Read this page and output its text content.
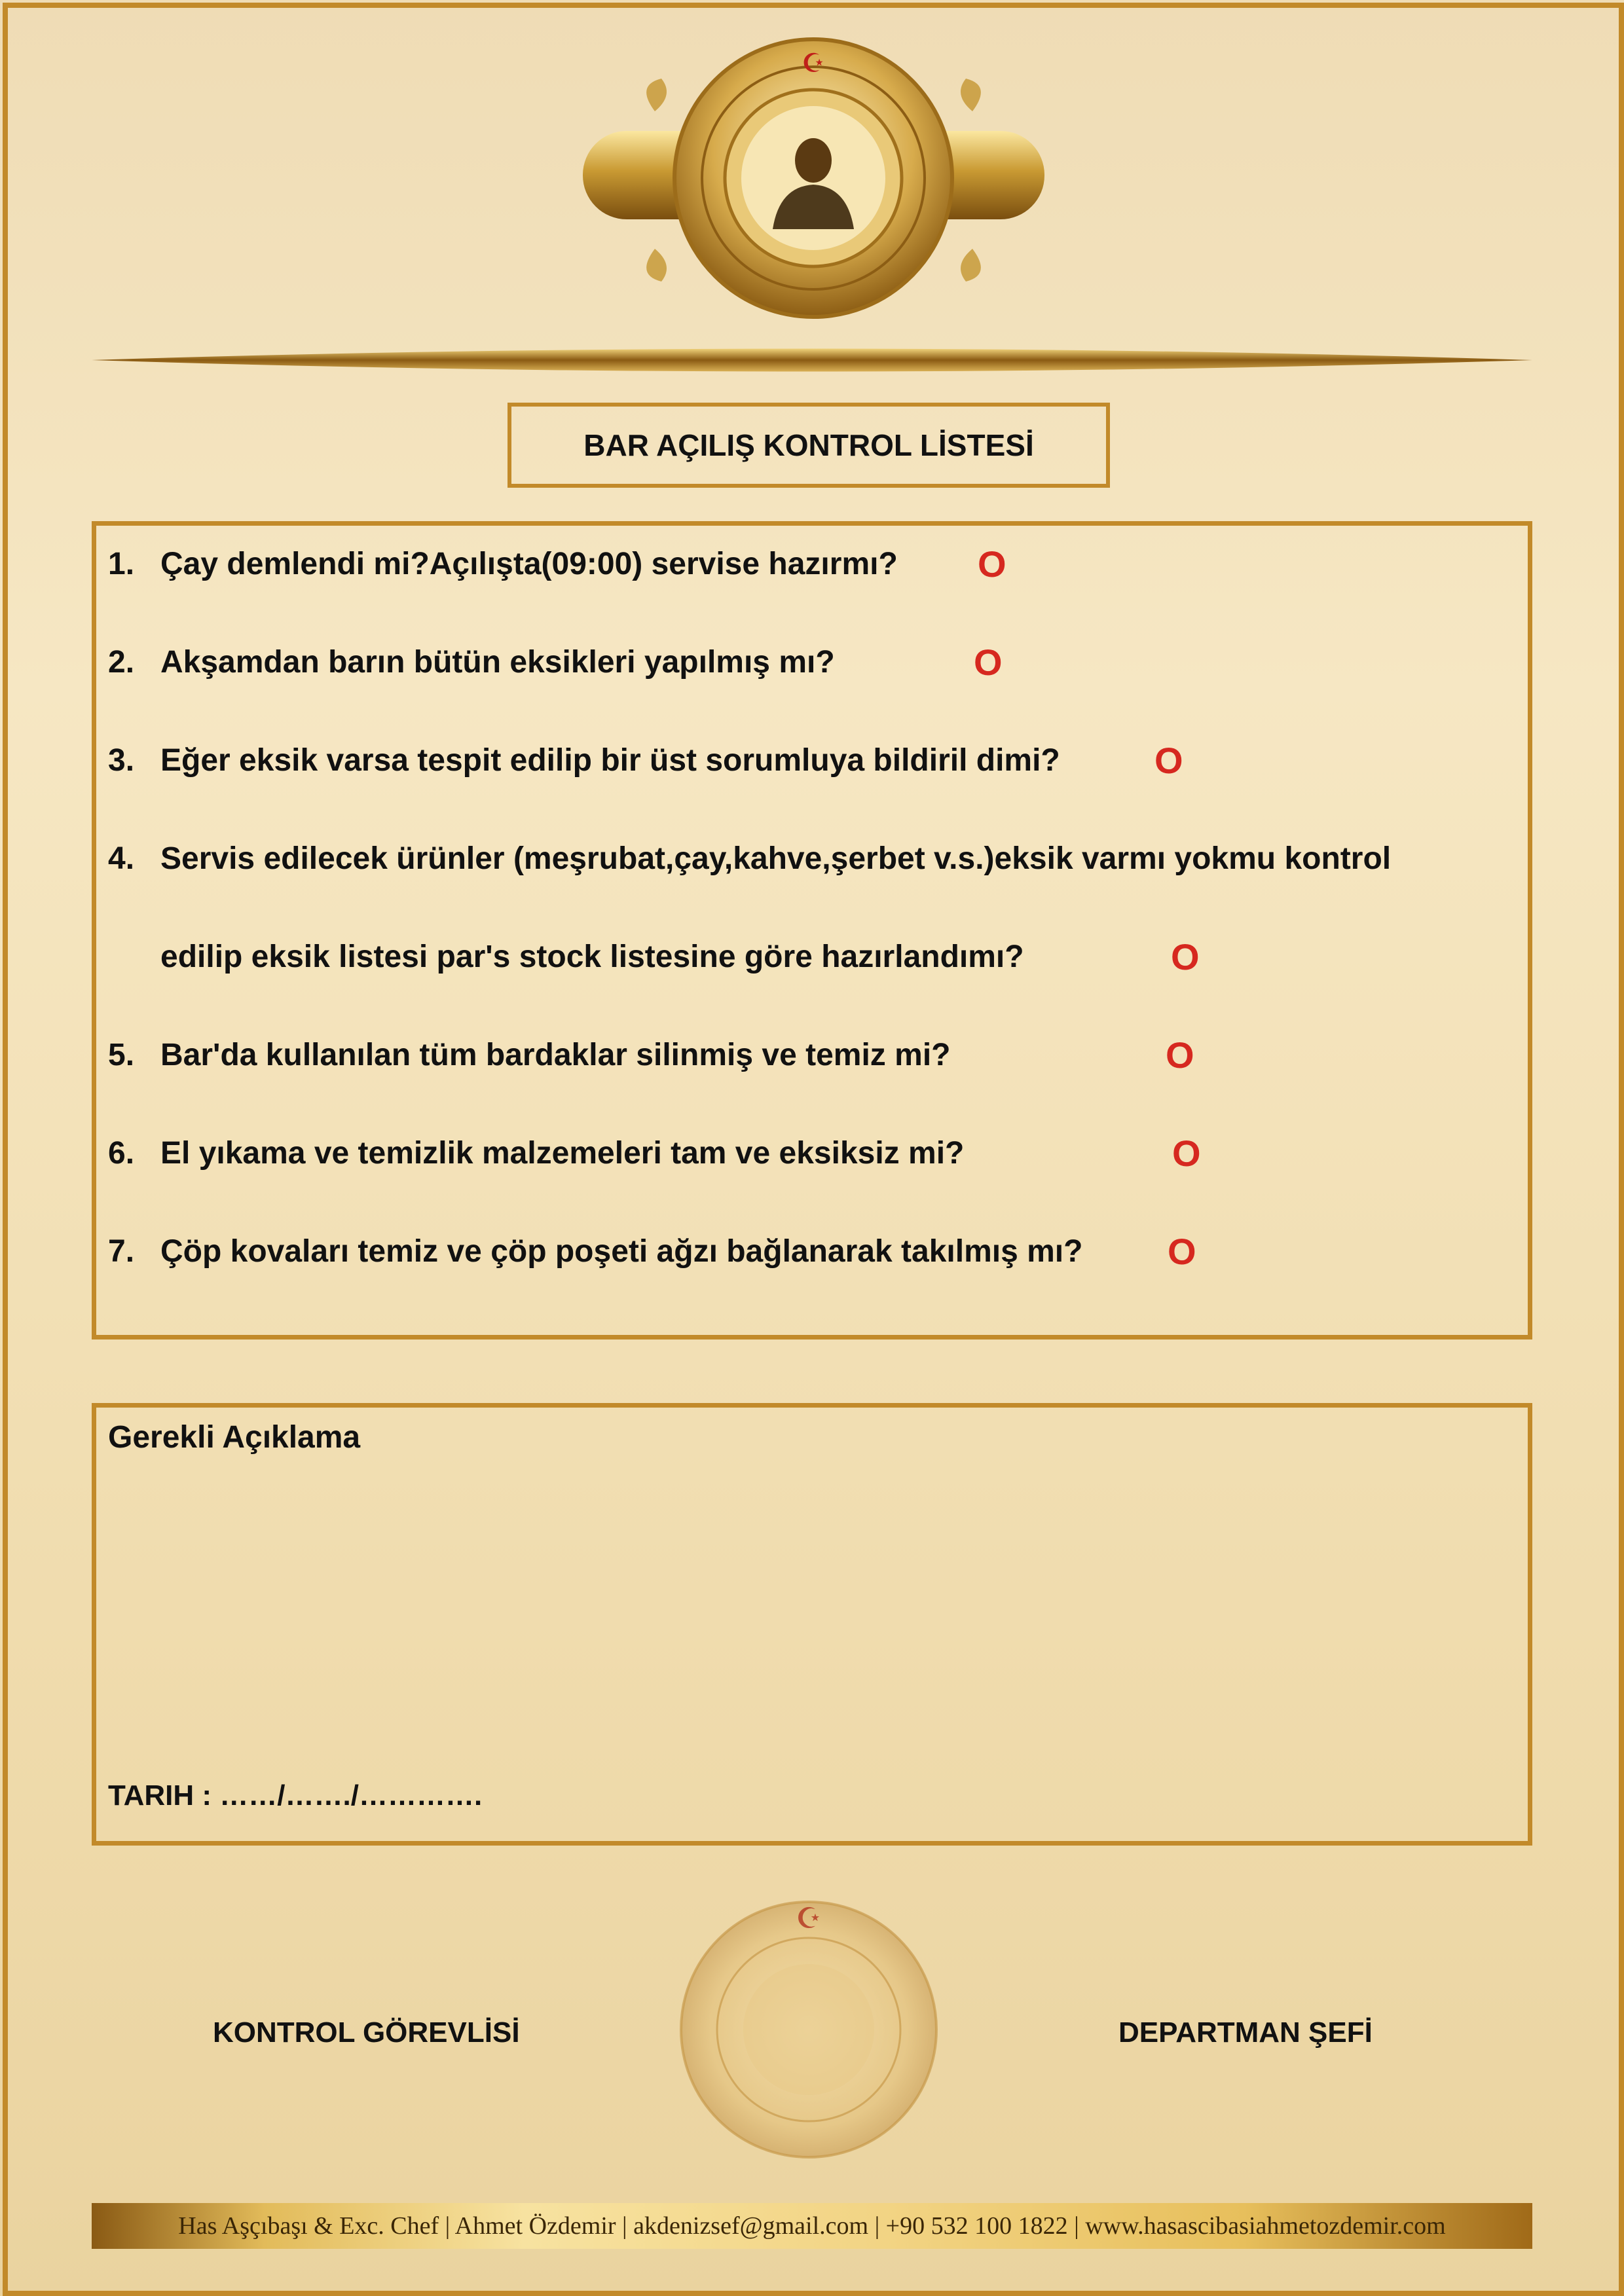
☪
BAR AÇILIŞ KONTROL LİSTESİ
1. Çay demlendi mi?Açılışta(09:00) servise hazırmı? O
2. Akşamdan barın bütün eksikleri yapılmış mı?	O
3. Eğer eksik varsa tespit edilip bir üst sorumluya bildiril dimi?	O
4. Servis edilecek ürünler (meşrubat,çay,kahve,şerbet v.s.)eksik varmı yokmu kontrol
edilip eksik listesi par's stock listesine göre hazırlandımı?	O
5. Bar'da kullanılan tüm bardaklar silinmiş ve temiz mi?	O
6. El yıkama ve temizlik malzemeleri tam ve eksiksiz mi?	O
7. Çöp kovaları temiz ve çöp poşeti ağzı bağlanarak takılmış mı? O
Gerekli Açıklama
TARIH : ……/……./………….
KONTROL GÖREVLİSİ	DEPARTMAN ŞEFİ
☪
Has Aşçıbaşı & Exc. Chef | Ahmet Özdemir | akdenizsef@gmail.com | +90 532 100 1822 | www.hasascibasiahmetozdemir.com
